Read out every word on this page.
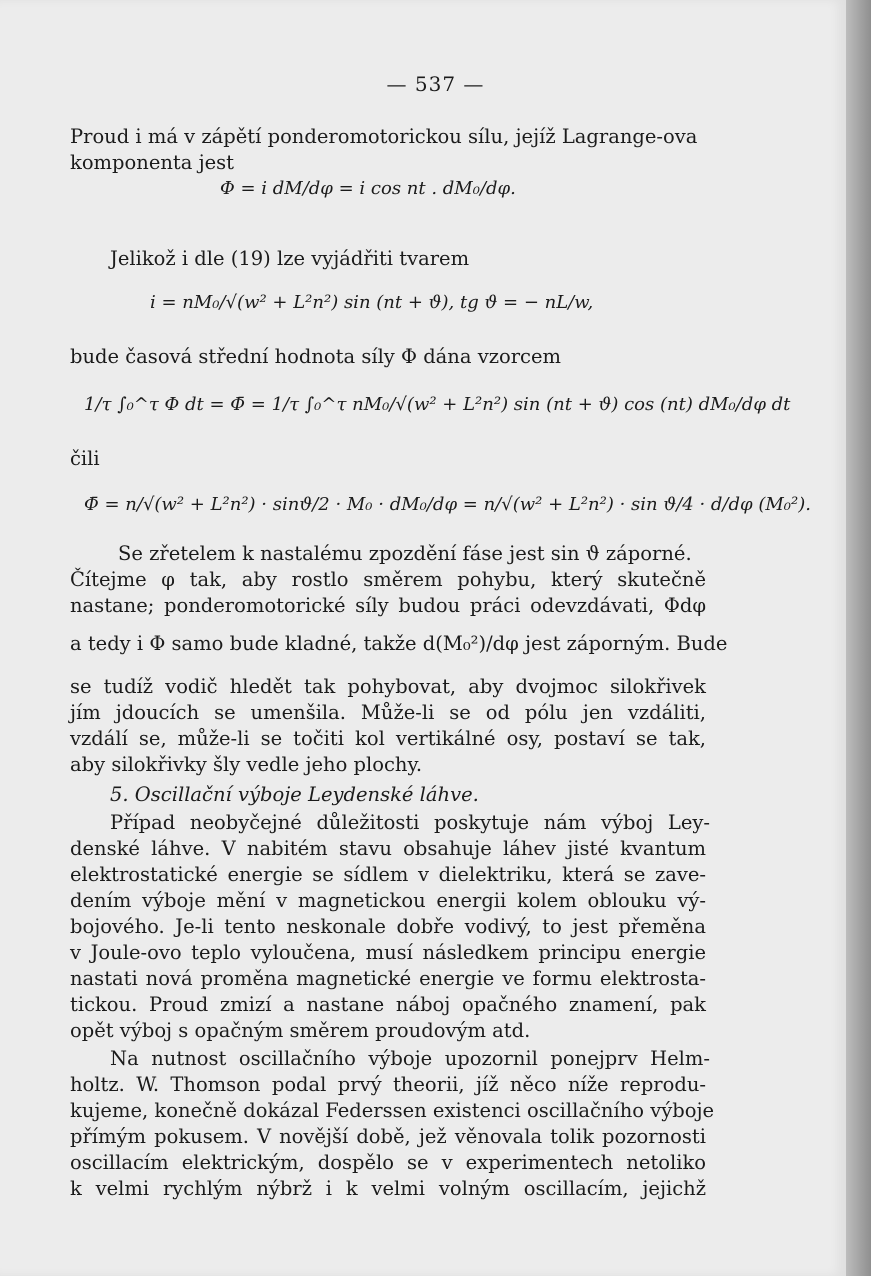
— 537 —
Proud i má v zápětí ponderomotorickou sílu, jejíž Lagrange-ova
komponenta jest
Φ = i dM/dφ = i cos nt . dM₀/dφ.
Jelikož i dle (19) lze vyjádřiti tvarem
i = nM₀/√(w² + L²n²) sin (nt + ϑ), tg ϑ = − nL/w,
bude časová střední hodnota síly Φ dána vzorcem
1/τ ∫₀^τ Φ dt = Φ̄ = 1/τ ∫₀^τ nM₀/√(w² + L²n²) sin (nt + ϑ) cos (nt) dM₀/dφ dt
čili
Φ̄ = n/√(w² + L²n²) · sinϑ/2 · M₀ · dM₀/dφ = n/√(w² + L²n²) · sin ϑ/4 · d/dφ (M₀²).
Se zřetelem k nastalému zpozdění fáse jest sin ϑ záporné.
Čítejme φ tak, aby rostlo směrem pohybu, který skutečně
nastane; ponderomotorické síly budou práci odevzdávati, Φdφ
a tedy i Φ samo bude kladné, takže d(M₀²)/dφ jest záporným. Bude
se tudíž vodič hledět tak pohybovat, aby dvojmoc silokřivek
jím jdoucích se umenšila. Může-li se od pólu jen vzdáliti,
vzdálí se, může-li se točiti kol vertikálné osy, postaví se tak,
aby silokřivky šly vedle jeho plochy.
5. Oscillační výboje Leydenské láhve.
Případ neobyčejné důležitosti poskytuje nám výboj Ley-
denské láhve. V nabitém stavu obsahuje láhev jisté kvantum
elektrostatické energie se sídlem v dielektriku, která se zave-
dením výboje mění v magnetickou energii kolem oblouku vý-
bojového. Je-li tento neskonale dobře vodivý, to jest přeměna
v Joule-ovo teplo vyloučena, musí následkem principu energie
nastati nová proměna magnetické energie ve formu elektrosta-
tickou. Proud zmizí a nastane náboj opačného znamení, pak
opět výboj s opačným směrem proudovým atd.
Na nutnost oscillačního výboje upozornil ponejprv Helm-
holtz. W. Thomson podal prvý theorii, jíž něco níže reprodu-
kujeme, konečně dokázal Federssen existenci oscillačního výboje
přímým pokusem. V novější době, jež věnovala tolik pozornosti
oscillacím elektrickým, dospělo se v experimentech netoliko
k velmi rychlým nýbrž i k velmi volným oscillacím, jejichž
